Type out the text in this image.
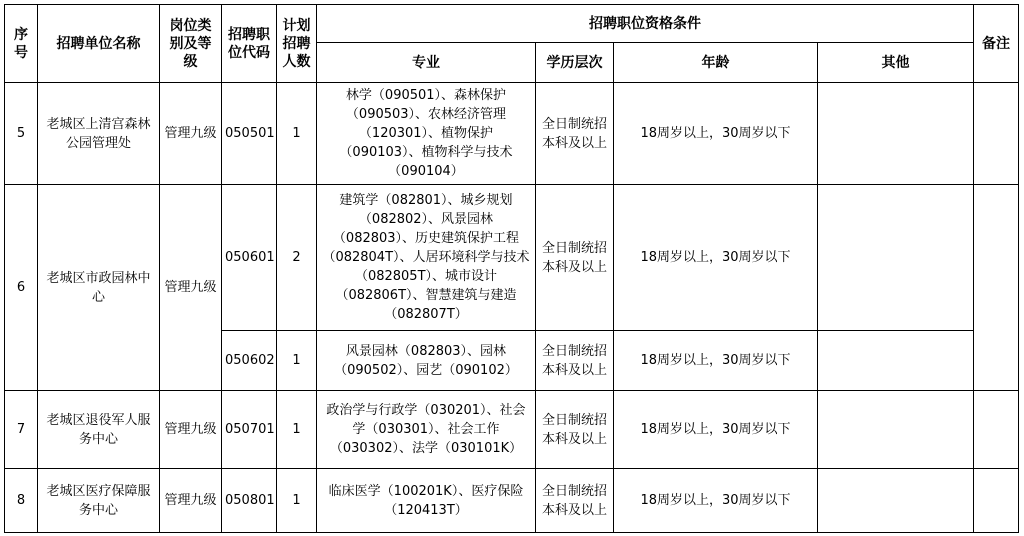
序号	招聘单位名称	岗位类别及等级	招聘职位代码	计划招聘人数	招聘职位资格条件				备注
					专业	学历层次	年龄	其他	
5	老城区上清宫森林公园管理处	管理九级	050501	1	林学（090501）、森林保护（090503）、农林经济管理（120301）、植物保护（090103）、植物科学与技术（090104）	全日制统招本科及以上	18周岁以上，30周岁以下		
6	老城区市政园林中心	管理九级	050601	2	建筑学（082801）、城乡规划（082802）、风景园林（082803）、历史建筑保护工程（082804T）、人居环境科学与技术（082805T）、城市设计（082806T）、智慧建筑与建造（082807T）	全日制统招本科及以上	18周岁以上，30周岁以下		
			050602	1	风景园林（082803）、园林（090502）、园艺（090102）	全日制统招本科及以上	18周岁以上，30周岁以下		
7	老城区退役军人服务中心	管理九级	050701	1	政治学与行政学（030201）、社会学（030301）、社会工作（030302）、法学（030101K）	全日制统招本科及以上	18周岁以上，30周岁以下		
8	老城区医疗保障服务中心	管理九级	050801	1	临床医学（100201K）、医疗保险（120413T）	全日制统招本科及以上	18周岁以上，30周岁以下		
